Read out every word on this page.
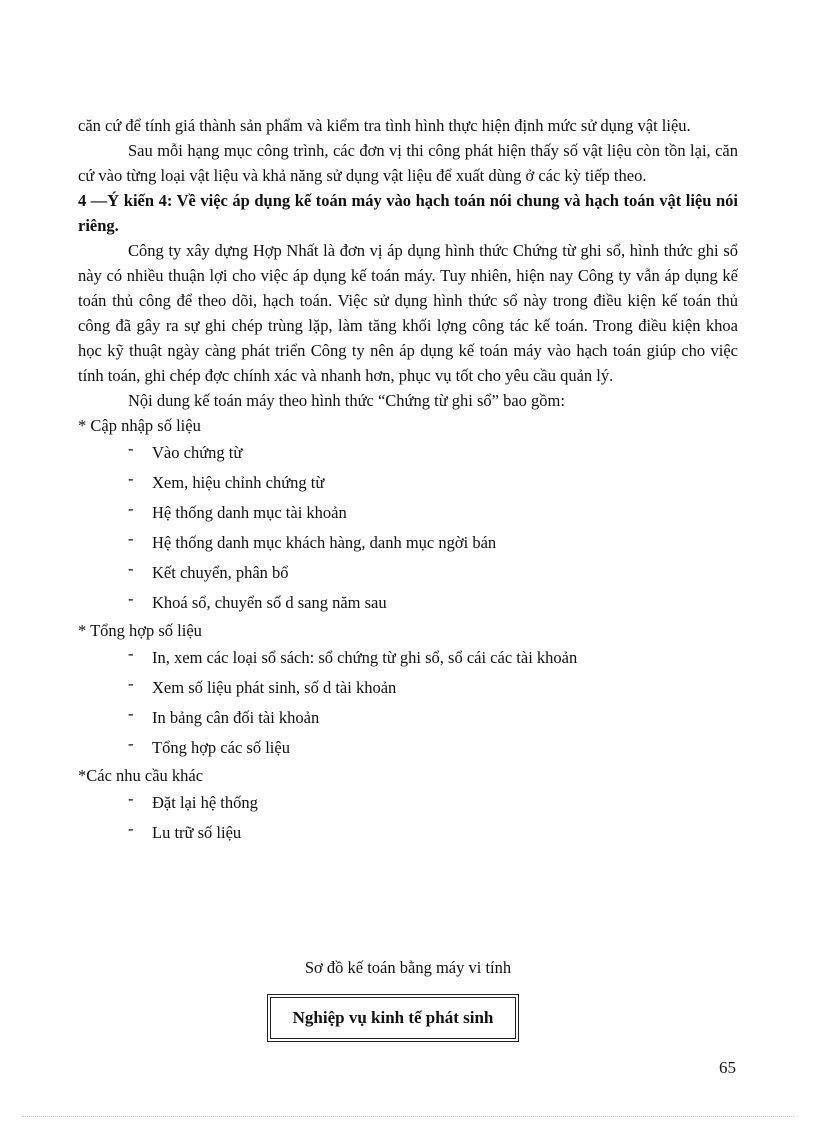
căn cứ để tính giá thành sản phẩm và kiểm tra tình hình thực hiện định mức sử dụng vật liệu.

Sau mỗi hạng mục công trình, các đơn vị thi công phát hiện thấy số vật liệu còn tồn lại, căn cứ vào từng loại vật liệu và khả năng sử dụng vật liệu để xuất dùng ở các kỳ tiếp theo.

4 —Ý kiến 4: Về việc áp dụng kế toán máy vào hạch toán nói chung và hạch toán vật liệu nói riêng.

Công ty xây dựng Hợp Nhất là đơn vị áp dụng hình thức Chứng từ ghi sổ, hình thức ghi sổ này có nhiều thuận lợi cho việc áp dụng kế toán máy. Tuy nhiên, hiện nay Công ty vẫn áp dụng kế toán thủ công để theo dõi, hạch toán. Việc sử dụng hình thức sổ này trong điều kiện kế toán thủ công đã gây ra sự ghi chép trùng lặp, làm tăng khối lợng công tác kế toán. Trong điều kiện khoa học kỹ thuật ngày càng phát triển Công ty nên áp dụng kế toán máy vào hạch toán giúp cho việc tính toán, ghi chép đợc chính xác và nhanh hơn, phục vụ tốt cho yêu cầu quản lý.

Nội dung kế toán máy theo hình thức “Chứng từ ghi sổ” bao gồm:

* Cập nhập số liệu

- Vào chứng từ
- Xem, hiệu chỉnh chứng từ
- Hệ thống danh mục tài khoản
- Hệ thống danh mục khách hàng, danh mục ngời bán
- Kết chuyển, phân bổ
- Khoá sổ, chuyển số d sang năm sau

* Tổng hợp số liệu

- In, xem các loại sổ sách: sổ chứng từ ghi sổ, sổ cái các tài khoản
- Xem số liệu phát sinh, số d tài khoản
- In bảng cân đối tài khoản
- Tổng hợp các số liệu

*Các nhu cầu khác

- Đặt lại hệ thống
- Lu trữ số liệu
Sơ đồ kế toán bằng máy vi tính
Nghiệp vụ kinh tế phát sinh
65
